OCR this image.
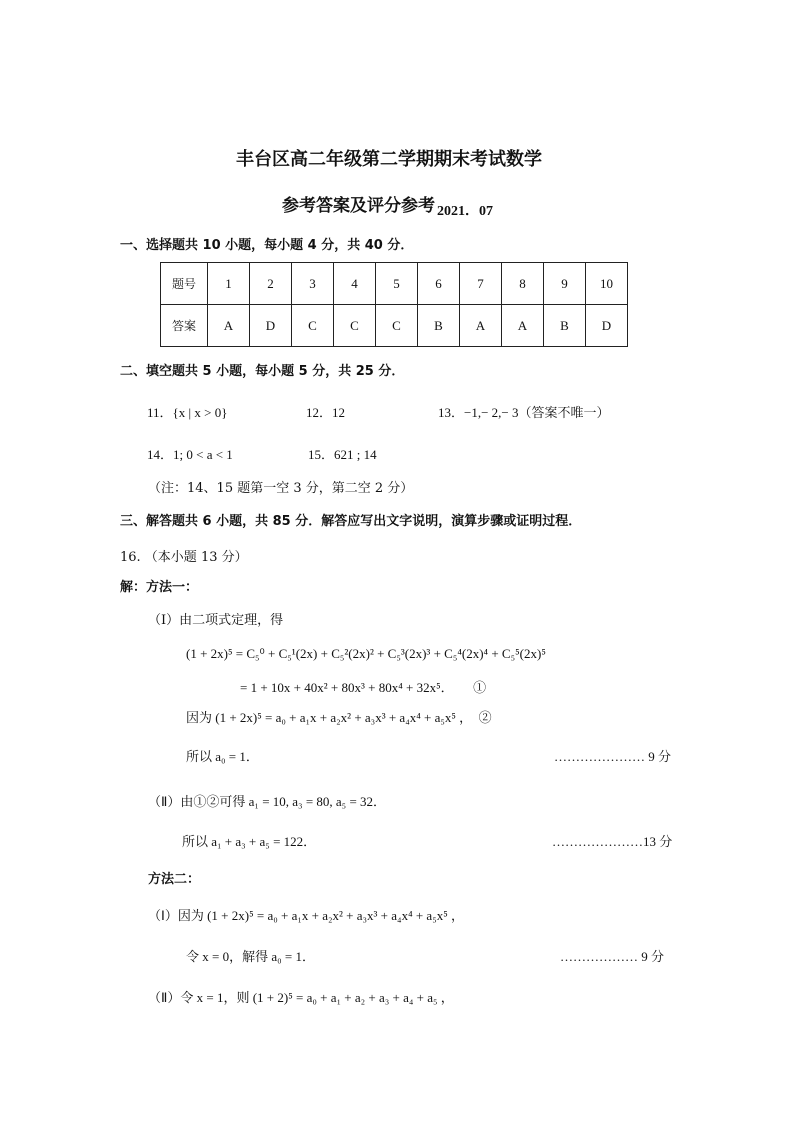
丰台区高二年级第二学期期末考试数学
参考答案及评分参考 $_{2021.07}$
一、选择题共 10 小题，每小题 4 分，共 40 分．
题号	1	2	3	4	5	6	7	8	9	10
答案	A	D	C	C	C	B	A	A	B	D
二、填空题共 5 小题，每小题 5 分，共 25 分．
11．{x | x > 0}	12．12	13．−1,− 2,− 3（答案不唯一）
14．1; 0 < a < 1	15．621 ; 14
（注：14、15 题第一空 3 分，第二空 2 分）
三、解答题共 6 小题，共 85 分．解答应写出文字说明，演算步骤或证明过程．
16. （本小题 13 分）
解：方法一：
（Ⅰ）由二项式定理，得
(1 + 2x)⁵ = C₅⁰ + C₅¹(2x) + C₅²(2x)² + C₅³(2x)³ + C₅⁴(2x)⁴ + C₅⁵(2x)⁵
= 1 + 10x + 40x² + 80x³ + 80x⁴ + 32x⁵．　　①
因为 (1 + 2x)⁵ = a₀ + a₁x + a₂x² + a₃x³ + a₄x⁴ + a₅x⁵ ，　②
所以 a₀ = 1．	………………… 9 分
（Ⅱ）由①②可得 a₁ = 10, a₃ = 80, a₅ = 32．
所以 a₁ + a₃ + a₅ = 122．	…………………13 分
方法二：
（Ⅰ）因为 (1 + 2x)⁵ = a₀ + a₁x + a₂x² + a₃x³ + a₄x⁴ + a₅x⁵ ，
令 x = 0，解得 a₀ = 1．	……………… 9 分
（Ⅱ）令 x = 1，则 (1 + 2)⁵ = a₀ + a₁ + a₂ + a₃ + a₄ + a₅ ，
